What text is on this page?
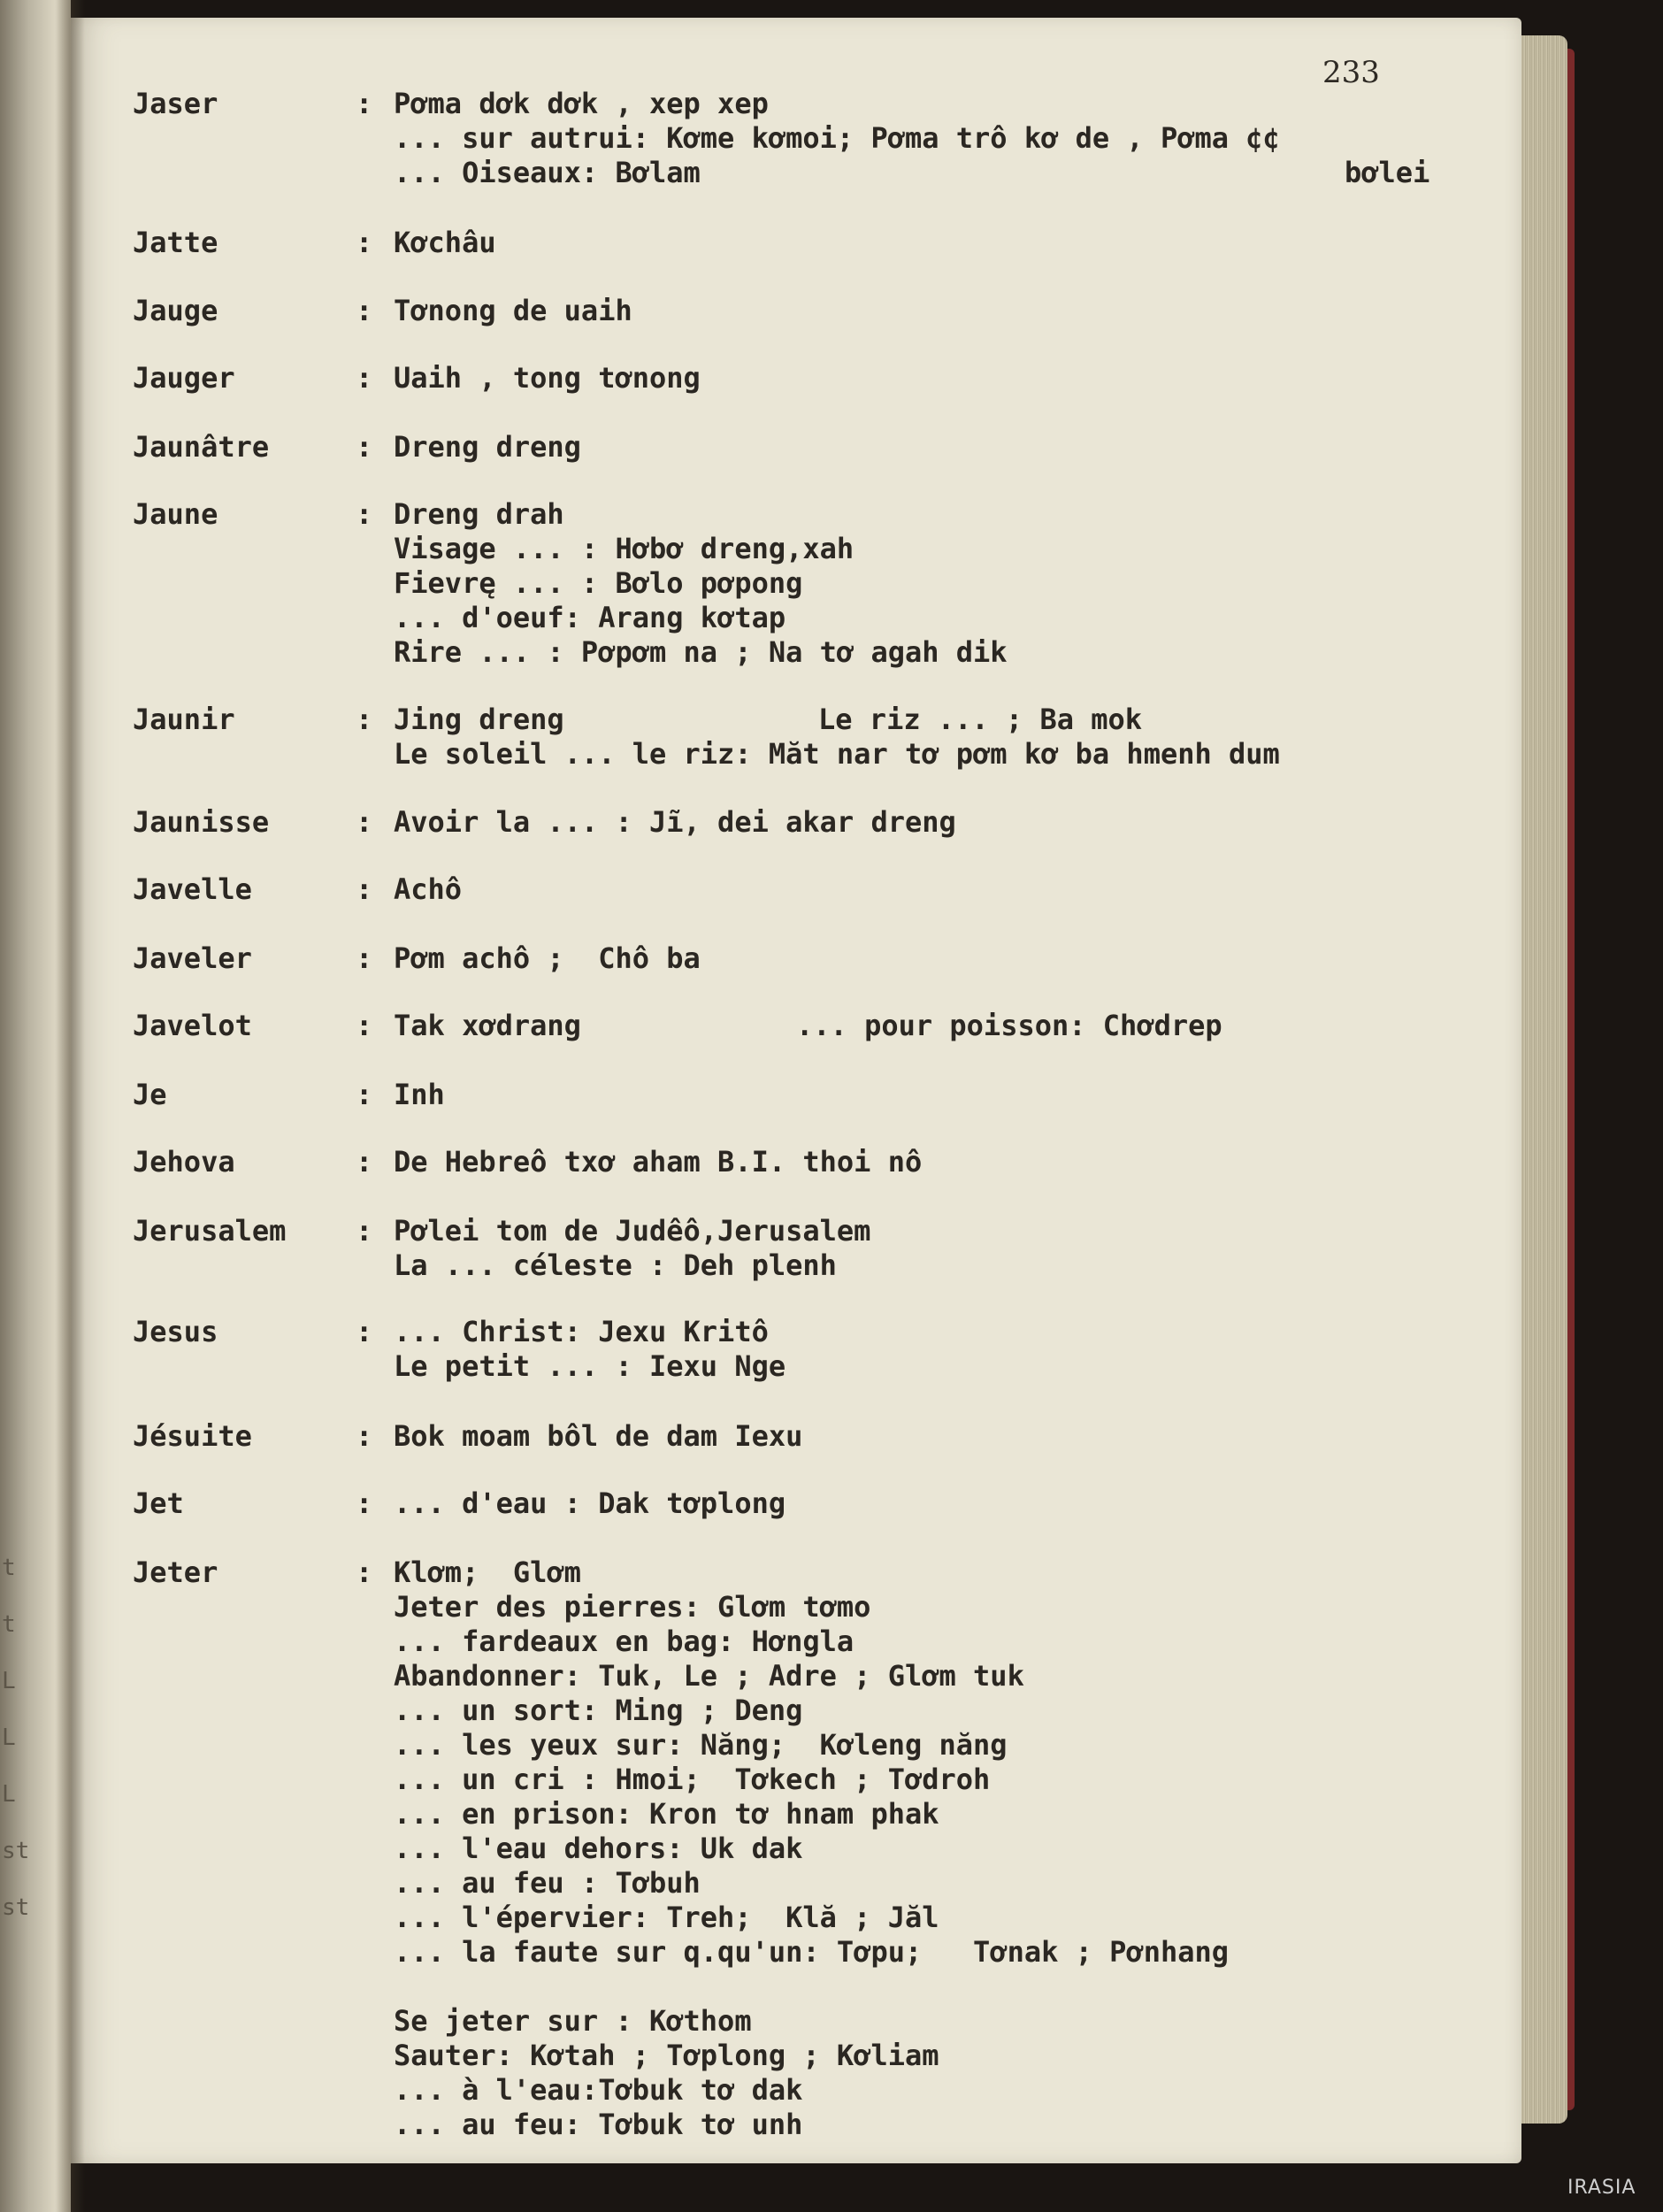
t
t
L
L
L
st
st
233
Jaser	: Pơma dơk dơk , xep xep
... sur autrui: Kơme kơmoi; Pơma trô kơ de , Pơma ¢¢
... Oiseaux: Bơlam	bơlei
Jatte	: Kơchâu
Jauge	: Tơnong de uaih
Jauger	: Uaih , tong tơnong
Jaunâtre	: Dreng dreng
Jaune	: Dreng drah
Visage ... : Hơbơ dreng,xah
Fievrę ... : Bơlo pơpong
... d'oeuf: Arang kơtap
Rire ... : Pơpơm na ; Na tơ agah dik
Jaunir	: Jing dreng	Le riz ... ; Ba mok
Le soleil ... le riz: Măt nar tơ pơm kơ ba hmenh dum
Jaunisse	: Avoir la ... : Jĩ, dei akar dreng
Javelle	: Achô
Javeler	: Pơm achô ;  Chô ba
Javelot	: Tak xơdrang	... pour poisson: Chơdrep
Je	: Inh
Jehova	: De Hebreô txơ aham B.I. thoi nô
Jerusalem : Pơlei tom de Judêô,Jerusalem
La ... céleste : Deh plenh
Jesus	: ... Christ: Jexu Kritô
Le petit ... : Iexu Nge
Jésuite	: Bok moam bôl de dam Iexu
Jet	: ... d'eau : Dak tơplong
Jeter	: Klơm;  Glơm
Jeter des pierres: Glơm tơmo
... fardeaux en bag: Hơngla
Abandonner: Tuk, Le ; Adre ; Glơm tuk
... un sort: Ming ; Deng
... les yeux sur: Năng;  Kơleng năng
... un cri : Hmoi;  Tơkech ; Tơdroh
... en prison: Kron tơ hnam phak
... l'eau dehors: Uk dak
... au feu : Tơbuh
... l'épervier: Treh;  Klă ; Jăl
... la faute sur q.qu'un: Tơpu;   Tơnak ; Pơnhang
Se jeter sur : Kơthom
Sauter: Kơtah ; Tơplong ; Kơliam
... à l'eau:Tơbuk tơ dak
... au feu: Tơbuk tơ unh
IRASIA
